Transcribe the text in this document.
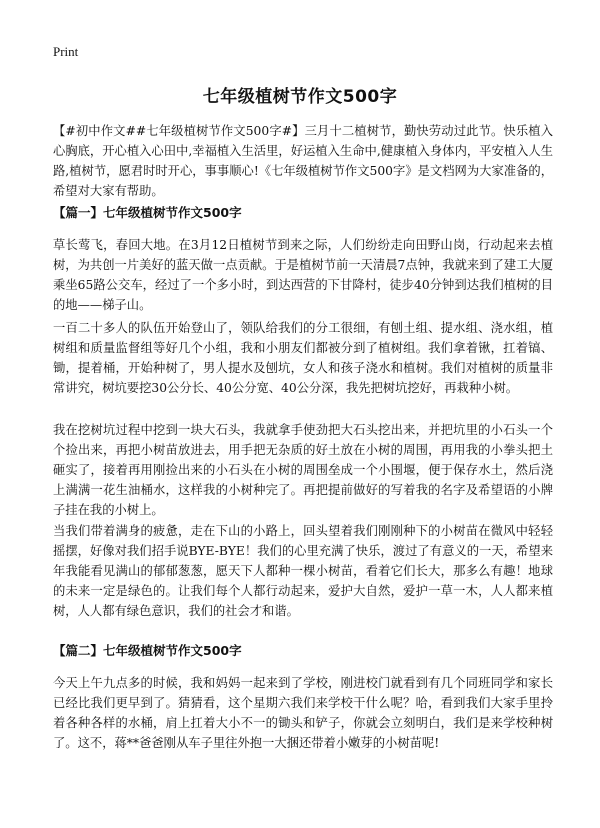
Print
七年级植树节作文500字
【#初中作文##七年级植树节作文500字#】三月十二植树节，勤快劳动过此节。快乐植入心胸底，开心植入心田中,幸福植入生活里，好运植入生命中,健康植入身体内，平安植入人生路,植树节，愿君时时开心，事事顺心!《七年级植树节作文500字》是文档网为大家准备的，希望对大家有帮助。
【篇一】七年级植树节作文500字
草长莺飞，春回大地。在3月12日植树节到来之际，人们纷纷走向田野山岗，行动起来去植树，为共创一片美好的蓝天做一点贡献。于是植树节前一天清晨7点钟，我就来到了建工大厦乘坐65路公交车，经过了一个多小时，到达西营的下甘降村，徒步40分钟到达我们植树的目的地——梯子山。
一百二十多人的队伍开始登山了，领队给我们的分工很细，有刨土组、提水组、浇水组，植树组和质量监督组等好几个小组，我和小朋友们都被分到了植树组。我们拿着锹，扛着镐、锄，提着桶，开始种树了，男人提水及刨坑，女人和孩子浇水和植树。我们对植树的质量非常讲究，树坑要挖30公分长、40公分宽、40公分深，我先把树坑挖好，再栽种小树。
我在挖树坑过程中挖到一块大石头，我就拿手使劲把大石头挖出来，并把坑里的小石头一个个捡出来，再把小树苗放进去，用手把无杂质的好土放在小树的周围，再用我的小拳头把土砸实了，接着再用刚捡出来的小石头在小树的周围垒成一个小围堰，便于保存水土，然后浇上满满一花生油桶水，这样我的小树种完了。再把提前做好的写着我的名字及希望语的小牌子挂在我的小树上。
当我们带着满身的疲惫，走在下山的小路上，回头望着我们刚刚种下的小树苗在微风中轻轻摇摆，好像对我们招手说BYE-BYE！我们的心里充满了快乐，渡过了有意义的一天，希望来年我能看见满山的郁郁葱葱，愿天下人都种一棵小树苗，看着它们长大，那多么有趣！地球的未来一定是绿色的。让我们每个人都行动起来，爱护大自然，爱护一草一木，人人都来植树，人人都有绿色意识，我们的社会才和谐。
【篇二】七年级植树节作文500字
今天上午九点多的时候，我和妈妈一起来到了学校，刚进校门就看到有几个同班同学和家长已经比我们更早到了。猜猜看，这个星期六我们来学校干什么呢？哈，看到我们大家手里拎着各种各样的水桶，肩上扛着大小不一的锄头和铲子，你就会立刻明白，我们是来学校种树了。这不，蒋**爸爸刚从车子里往外抱一大捆还带着小嫩芽的小树苗呢!
